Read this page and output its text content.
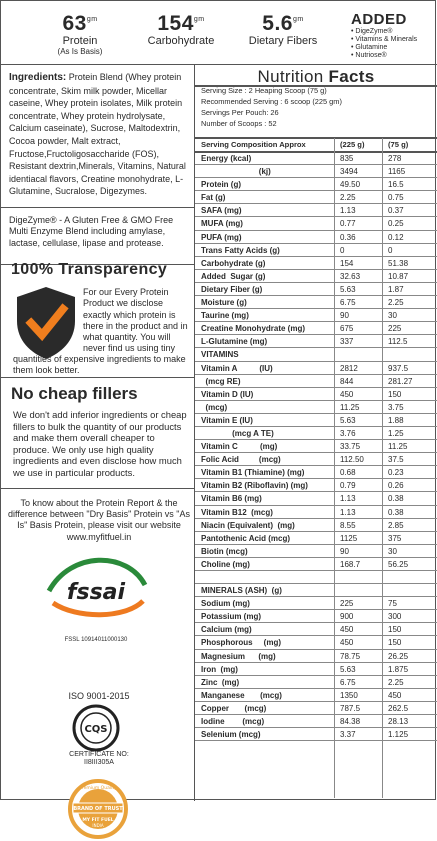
$63^{gm}$
Protein
(As Is Basis)
$154^{gm}$
Carbohydrate
$5.6^{gm}$
Dietary Fibers
ADDED
• DigeZyme®
• Vitamins & Minerals
• Glutamine
• Nutriose®
Ingredients: Protein Blend (Whey protein concentrate, Skim milk powder, Micellar caseine, Whey protein isolates, Milk protein concentrate, Whey protein hydrolysate, Calcium caseinate), Sucrose, Maltodextrin, Cocoa powder, Malt extract, Fructose,Fructoligosaccharide (FOS), Resistant dextrin,Minerals, Vitamins, Natural identiacal flavors, Creatine monohydrate, L-Glutamine, Sucralose, Digezymes.
DigeZyme® - A Gluten Free & GMO Free Multi Enzyme Blend including amylase, lactase, cellulase, lipase and protease.
100% Transparency
For our Every Protein Product we disclose exactly which protein is there in the product and in what quantity. You will never find us using tiny
quantities of expensive ingredients to make them look better.
No cheap fillers
We don't add inferior ingredients or cheap fillers to bulk the quantity of our products and make them overall cheaper to produce. We only use high quality ingredients and even disclose how much we use in particular products.
To know about the Protein Report & the difference between "Dry Basis" Protein vs "As Is" Basis Protein, please visit our website www.myfitfuel.in
fssai
FSSL 10914011000130
ISO 9001-2015
CQS
CERTIFICATE NO:
II8III305A
Premium Quality
BRAND OF TRUST
MY FIT FUEL
INDIA
Nutrition Facts
Serving Size : 2 Heaping Scoop (75 g)
Recommended Serving : 6 scoop (225 gm)
Servings Per Pouch: 26
Number of Scoops : 52
Serving Composition Approx	(225 g)	(75 g)
Energy (kcal)	835	278
(kj)	3494	1165
Protein (g)	49.50	16.5
Fat (g)	2.25	0.75
SAFA (mg)	1.13	0.37
MUFA (mg)	0.77	0.25
PUFA (mg)	0.36	0.12
Trans Fatty Acids (g)	0	0
Carbohydrate (g)	154	51.38
Added  Sugar (g)	32.63	10.87
Dietary Fiber (g)	5.63	1.87
Moisture (g)	6.75	2.25
Taurine (mg)	90	30
Creatine Monohydrate (mg)	675	225
L-Glutamine (mg)	337	112.5
VITAMINS
Vitamin A          (IU)	2812	937.5
(mcg RE)	844	281.27
Vitamin D (IU)	450	150
(mcg)	11.25	3.75
Vitamin E (IU)	5.63	1.88
(mcg A TE)	3.76	1.25
Vitamin C          (mg)	33.75	11.25
Folic Acid         (mcg)	112.50	37.5
Vitamin B1 (Thiamine) (mg)	0.68	0.23
Vitamin B2 (Riboflavin) (mg)	0.79	0.26
Vitamin B6 (mg)	1.13	0.38
Vitamin B12  (mcg)	1.13	0.38
Niacin (Equivalent)  (mg)	8.55	2.85
Pantothenic Acid (mcg)	1125	375
Biotin (mcg)	90	30
Choline (mg)	168.7	56.25
MINERALS (ASH)  (g)
Sodium (mg)	225	75
Potassium (mg)	900	300
Calcium (mg)	450	150
Phosphorous     (mg)	450	150
Magnesium      (mg)	78.75	26.25
Iron  (mg)	5.63	1.875
Zinc  (mg)	6.75	2.25
Manganese       (mcg)	1350	450
Copper       (mcg)	787.5	262.5
Iodine        (mcg)	84.38	28.13
Selenium (mcg)	3.37	1.125
